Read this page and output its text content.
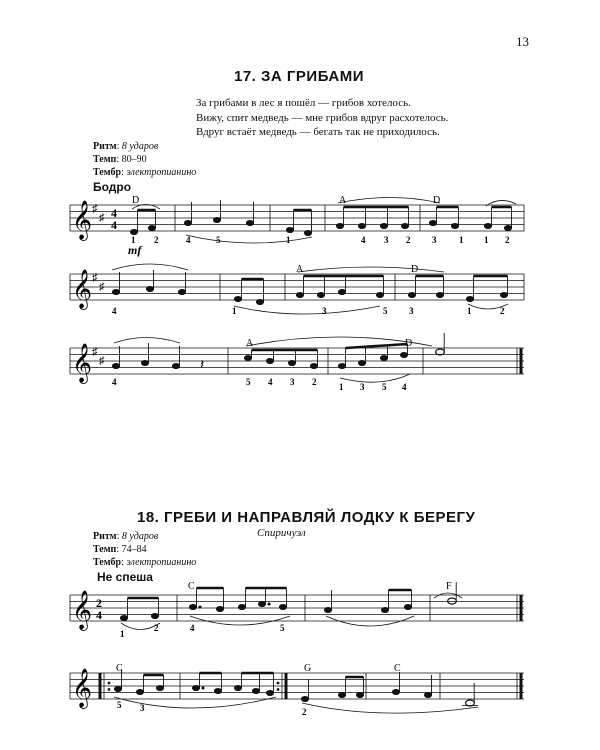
13
17. ЗА ГРИБАМИ
За грибами в лес я пошёл — грибов хотелось.
Вижу, спит медведь — мне грибов вдруг расхотелось.
Вдруг встаёт медведь — бегать так не приходилось.
Ритм: 8 ударов
Темп: 80–90
Тембр: электропианино
Бодро
𝄞 ♯
♯ 4
4
D	A	D
1 2	4	5	1	4 3 2 3	1 1 2
mf
𝄞 ♯
♯
A	D
4	1	3	5 3	1	2
𝄞 ♯
♯
A	D
𝄽
4	5 4 3 2	1 3 5 4
18. ГРЕБИ И НАПРАВЛЯЙ ЛОДКУ К БЕРЕГУ
Спиричуэл
Ритм: 8 ударов
Темп: 74–84
Тембр: электропианино
Не спеша
𝄞 2
4
C	F
1
2	4	5
𝄞
C	G	C
5 3	2
